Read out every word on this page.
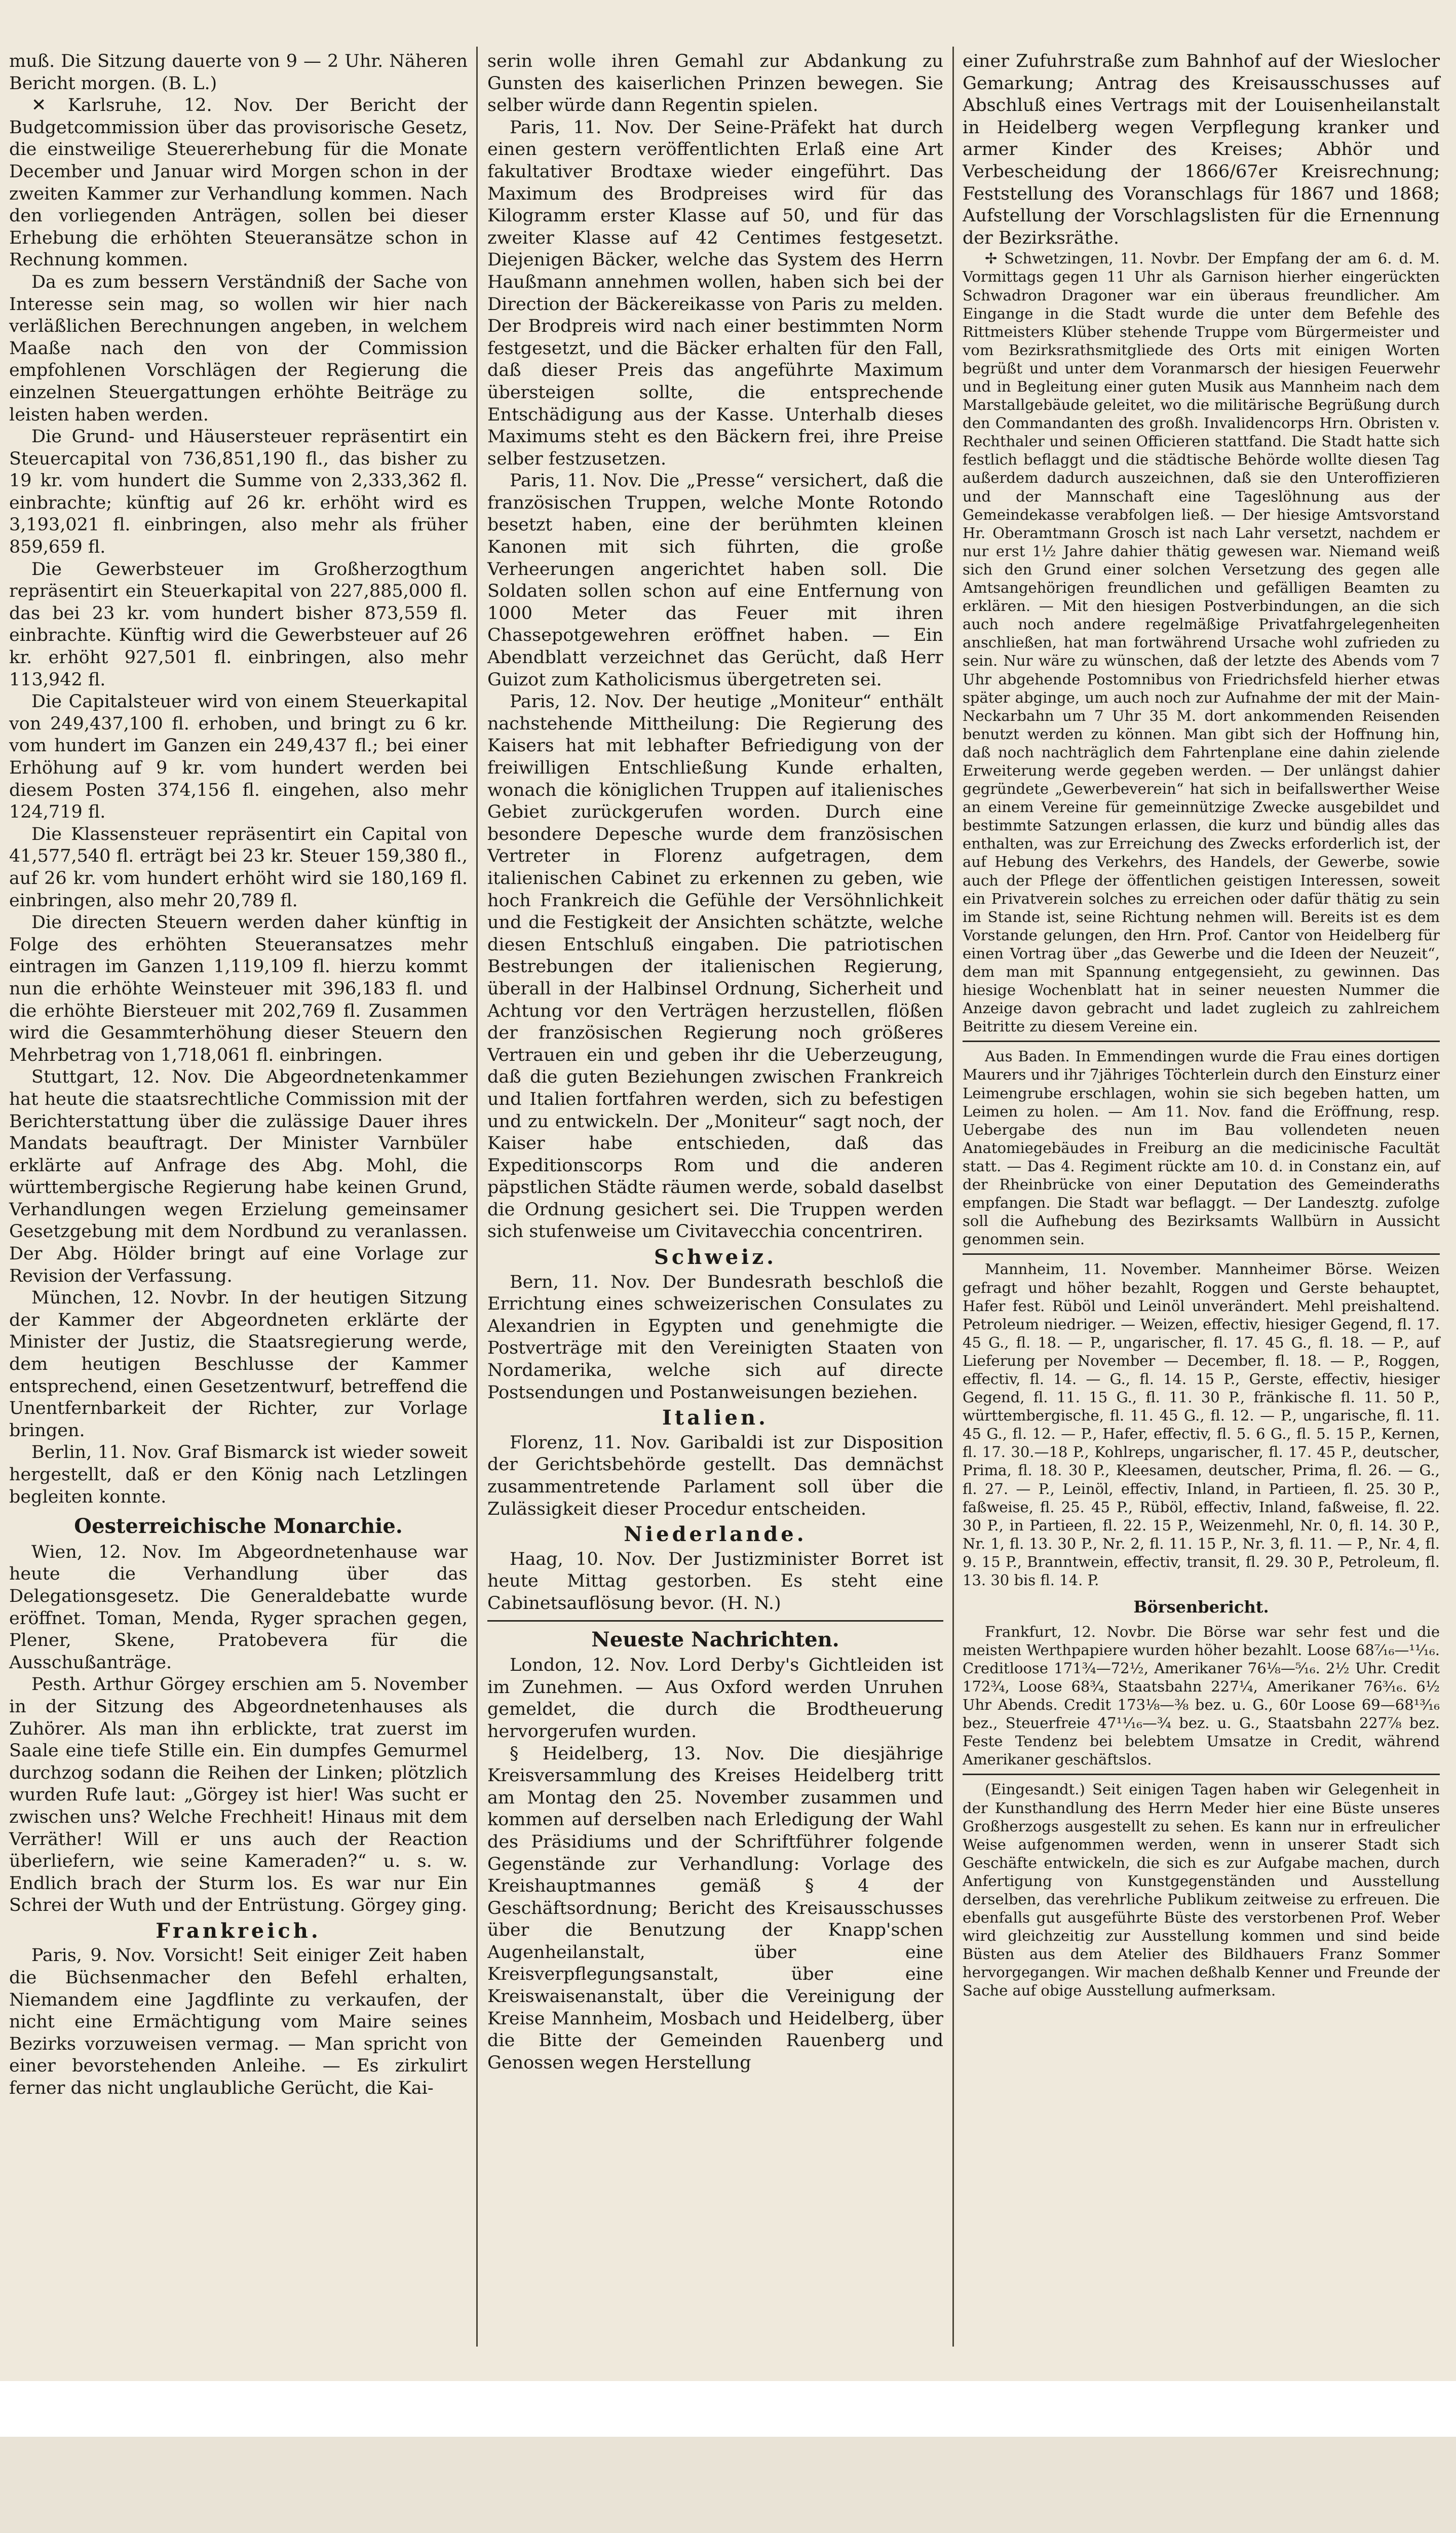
muß. Die Sitzung dauerte von 9 — 2 Uhr. Näheren Bericht morgen. (B. L.)

✕ Karlsruhe, 12. Nov. Der Bericht der Budgetcommission über das provisorische Gesetz, die einstweilige Steuererhebung für die Monate December und Januar wird Morgen schon in der zweiten Kammer zur Verhandlung kommen. Nach den vorliegenden Anträgen, sollen bei dieser Erhebung die erhöhten Steueransätze schon in Rechnung kommen.

Da es zum bessern Verständniß der Sache von Interesse sein mag, so wollen wir hier nach verläßlichen Berechnungen angeben, in welchem Maaße nach den von der Commission empfohlenen Vorschlägen der Regierung die einzelnen Steuergattungen erhöhte Beiträge zu leisten haben werden.

Die Grund- und Häusersteuer repräsentirt ein Steuercapital von 736,851,190 fl., das bisher zu 19 kr. vom hundert die Summe von 2,333,362 fl. einbrachte; künftig auf 26 kr. erhöht wird es 3,193,021 fl. einbringen, also mehr als früher 859,659 fl.

Die Gewerbsteuer im Großherzogthum repräsentirt ein Steuerkapital von 227,885,000 fl. das bei 23 kr. vom hundert bisher 873,559 fl. einbrachte. Künftig wird die Gewerbsteuer auf 26 kr. erhöht 927,501 fl. einbringen, also mehr 113,942 fl.

Die Capitalsteuer wird von einem Steuerkapital von 249,437,100 fl. erhoben, und bringt zu 6 kr. vom hundert im Ganzen ein 249,437 fl.; bei einer Erhöhung auf 9 kr. vom hundert werden bei diesem Posten 374,156 fl. eingehen, also mehr 124,719 fl.

Die Klassensteuer repräsentirt ein Capital von 41,577,540 fl. erträgt bei 23 kr. Steuer 159,380 fl., auf 26 kr. vom hundert erhöht wird sie 180,169 fl. einbringen, also mehr 20,789 fl.

Die directen Steuern werden daher künftig in Folge des erhöhten Steueransatzes mehr eintragen im Ganzen 1,119,109 fl. hierzu kommt nun die erhöhte Weinsteuer mit 396,183 fl. und die erhöhte Biersteuer mit 202,769 fl. Zusammen wird die Gesammterhöhung dieser Steuern den Mehrbetrag von 1,718,061 fl. einbringen.

Stuttgart, 12. Nov. Die Abgeordnetenkammer hat heute die staatsrechtliche Commission mit der Berichterstattung über die zulässige Dauer ihres Mandats beauftragt. Der Minister Varnbüler erklärte auf Anfrage des Abg. Mohl, die württembergische Regierung habe keinen Grund, Verhandlungen wegen Erzielung gemeinsamer Gesetzgebung mit dem Nordbund zu veranlassen. Der Abg. Hölder bringt auf eine Vorlage zur Revision der Verfassung.

München, 12. Novbr. In der heutigen Sitzung der Kammer der Abgeordneten erklärte der Minister der Justiz, die Staatsregierung werde, dem heutigen Beschlusse der Kammer entsprechend, einen Gesetzentwurf, betreffend die Unentfernbarkeit der Richter, zur Vorlage bringen.

Berlin, 11. Nov. Graf Bismarck ist wieder soweit hergestellt, daß er den König nach Letzlingen begleiten konnte.

Oesterreichische Monarchie.

Wien, 12. Nov. Im Abgeordnetenhause war heute die Verhandlung über das Delegationsgesetz. Die Generaldebatte wurde eröffnet. Toman, Menda, Ryger sprachen gegen, Plener, Skene, Pratobevera für die Ausschußanträge.

Pesth. Arthur Görgey erschien am 5. November in der Sitzung des Abgeordnetenhauses als Zuhörer. Als man ihn erblickte, trat zuerst im Saale eine tiefe Stille ein. Ein dumpfes Gemurmel durchzog sodann die Reihen der Linken; plötzlich wurden Rufe laut: „Görgey ist hier! Was sucht er zwischen uns? Welche Frechheit! Hinaus mit dem Verräther! Will er uns auch der Reaction überliefern, wie seine Kameraden?“ u. s. w. Endlich brach der Sturm los. Es war nur Ein Schrei der Wuth und der Entrüstung. Görgey ging.

Frankreich.

Paris, 9. Nov. Vorsicht! Seit einiger Zeit haben die Büchsenmacher den Befehl erhalten, Niemandem eine Jagdflinte zu verkaufen, der nicht eine Ermächtigung vom Maire seines Bezirks vorzuweisen vermag. — Man spricht von einer bevorstehenden Anleihe. — Es zirkulirt ferner das nicht unglaubliche Gerücht, die Kai-

serin wolle ihren Gemahl zur Abdankung zu Gunsten des kaiserlichen Prinzen bewegen. Sie selber würde dann Regentin spielen.

Paris, 11. Nov. Der Seine-Präfekt hat durch einen gestern veröffentlichten Erlaß eine Art fakultativer Brodtaxe wieder eingeführt. Das Maximum des Brodpreises wird für das Kilogramm erster Klasse auf 50, und für das zweiter Klasse auf 42 Centimes festgesetzt. Diejenigen Bäcker, welche das System des Herrn Haußmann annehmen wollen, haben sich bei der Direction der Bäckereikasse von Paris zu melden. Der Brodpreis wird nach einer bestimmten Norm festgesetzt, und die Bäcker erhalten für den Fall, daß dieser Preis das angeführte Maximum übersteigen sollte, die entsprechende Entschädigung aus der Kasse. Unterhalb dieses Maximums steht es den Bäckern frei, ihre Preise selber festzusetzen.

Paris, 11. Nov. Die „Presse“ versichert, daß die französischen Truppen, welche Monte Rotondo besetzt haben, eine der berühmten kleinen Kanonen mit sich führten, die große Verheerungen angerichtet haben soll. Die Soldaten sollen schon auf eine Entfernung von 1000 Meter das Feuer mit ihren Chassepotgewehren eröffnet haben. — Ein Abendblatt verzeichnet das Gerücht, daß Herr Guizot zum Katholicismus übergetreten sei.

Paris, 12. Nov. Der heutige „Moniteur“ enthält nachstehende Mittheilung: Die Regierung des Kaisers hat mit lebhafter Befriedigung von der freiwilligen Entschließung Kunde erhalten, wonach die königlichen Truppen auf italienisches Gebiet zurückgerufen worden. Durch eine besondere Depesche wurde dem französischen Vertreter in Florenz aufgetragen, dem italienischen Cabinet zu erkennen zu geben, wie hoch Frankreich die Gefühle der Versöhnlichkeit und die Festigkeit der Ansichten schätzte, welche diesen Entschluß eingaben. Die patriotischen Bestrebungen der italienischen Regierung, überall in der Halbinsel Ordnung, Sicherheit und Achtung vor den Verträgen herzustellen, flößen der französischen Regierung noch größeres Vertrauen ein und geben ihr die Ueberzeugung, daß die guten Beziehungen zwischen Frankreich und Italien fortfahren werden, sich zu befestigen und zu entwickeln. Der „Moniteur“ sagt noch, der Kaiser habe entschieden, daß das Expeditionscorps Rom und die anderen päpstlichen Städte räumen werde, sobald daselbst die Ordnung gesichert sei. Die Truppen werden sich stufenweise um Civitavecchia concentriren.

Schweiz.

Bern, 11. Nov. Der Bundesrath beschloß die Errichtung eines schweizerischen Consulates zu Alexandrien in Egypten und genehmigte die Postverträge mit den Vereinigten Staaten von Nordamerika, welche sich auf directe Postsendungen und Postanweisungen beziehen.

Italien.

Florenz, 11. Nov. Garibaldi ist zur Disposition der Gerichtsbehörde gestellt. Das demnächst zusammentretende Parlament soll über die Zulässigkeit dieser Procedur entscheiden.

Niederlande.

Haag, 10. Nov. Der Justizminister Borret ist heute Mittag gestorben. Es steht eine Cabinetsauflösung bevor. (H. N.)

Neueste Nachrichten.

London, 12. Nov. Lord Derby's Gichtleiden ist im Zunehmen. — Aus Oxford werden Unruhen gemeldet, die durch die Brodtheuerung hervorgerufen wurden.

§ Heidelberg, 13. Nov. Die diesjährige Kreisversammlung des Kreises Heidelberg tritt am Montag den 25. November zusammen und kommen auf derselben nach Erledigung der Wahl des Präsidiums und der Schriftführer folgende Gegenstände zur Verhandlung: Vorlage des Kreishauptmannes gemäß § 4 der Geschäftsordnung; Bericht des Kreisausschusses über die Benutzung der Knapp'schen Augenheilanstalt, über eine Kreisverpflegungsanstalt, über eine Kreiswaisenanstalt, über die Vereinigung der Kreise Mannheim, Mosbach und Heidelberg, über die Bitte der Gemeinden Rauenberg und Genossen wegen Herstellung

einer Zufuhrstraße zum Bahnhof auf der Wieslocher Gemarkung; Antrag des Kreisausschusses auf Abschluß eines Vertrags mit der Louisenheilanstalt in Heidelberg wegen Verpflegung kranker und armer Kinder des Kreises; Abhör und Verbescheidung der 1866/67er Kreisrechnung; Feststellung des Voranschlags für 1867 und 1868; Aufstellung der Vorschlagslisten für die Ernennung der Bezirksräthe.

✢ Schwetzingen, 11. Novbr. Der Empfang der am 6. d. M. Vormittags gegen 11 Uhr als Garnison hierher eingerückten Schwadron Dragoner war ein überaus freundlicher. Am Eingange in die Stadt wurde die unter dem Befehle des Rittmeisters Klüber stehende Truppe vom Bürgermeister und vom Bezirksrathsmitgliede des Orts mit einigen Worten begrüßt und unter dem Voranmarsch der hiesigen Feuerwehr und in Begleitung einer guten Musik aus Mannheim nach dem Marstallgebäude geleitet, wo die militärische Begrüßung durch den Commandanten des großh. Invalidencorps Hrn. Obristen v. Rechthaler und seinen Officieren stattfand. Die Stadt hatte sich festlich beflaggt und die städtische Behörde wollte diesen Tag außerdem dadurch auszeichnen, daß sie den Unteroffizieren und der Mannschaft eine Tageslöhnung aus der Gemeindekasse verabfolgen ließ. — Der hiesige Amtsvorstand Hr. Oberamtmann Grosch ist nach Lahr versetzt, nachdem er nur erst 1½ Jahre dahier thätig gewesen war. Niemand weiß sich den Grund einer solchen Versetzung des gegen alle Amtsangehörigen freundlichen und gefälligen Beamten zu erklären. — Mit den hiesigen Postverbindungen, an die sich auch noch andere regelmäßige Privatfahrgelegenheiten anschließen, hat man fortwährend Ursache wohl zufrieden zu sein. Nur wäre zu wünschen, daß der letzte des Abends vom 7 Uhr abgehende Postomnibus von Friedrichsfeld hierher etwas später abginge, um auch noch zur Aufnahme der mit der Main-Neckarbahn um 7 Uhr 35 M. dort ankommenden Reisenden benutzt werden zu können. Man gibt sich der Hoffnung hin, daß noch nachträglich dem Fahrtenplane eine dahin zielende Erweiterung werde gegeben werden. — Der unlängst dahier gegründete „Gewerbeverein“ hat sich in beifallswerther Weise an einem Vereine für gemeinnützige Zwecke ausgebildet und bestimmte Satzungen erlassen, die kurz und bündig alles das enthalten, was zur Erreichung des Zwecks erforderlich ist, der auf Hebung des Verkehrs, des Handels, der Gewerbe, sowie auch der Pflege der öffentlichen geistigen Interessen, soweit ein Privatverein solches zu erreichen oder dafür thätig zu sein im Stande ist, seine Richtung nehmen will. Bereits ist es dem Vorstande gelungen, den Hrn. Prof. Cantor von Heidelberg für einen Vortrag über „das Gewerbe und die Ideen der Neuzeit“, dem man mit Spannung entgegensieht, zu gewinnen. Das hiesige Wochenblatt hat in seiner neuesten Nummer die Anzeige davon gebracht und ladet zugleich zu zahlreichem Beitritte zu diesem Vereine ein.

Aus Baden. In Emmendingen wurde die Frau eines dortigen Maurers und ihr 7jähriges Töchterlein durch den Einsturz einer Leimengrube erschlagen, wohin sie sich begeben hatten, um Leimen zu holen. — Am 11. Nov. fand die Eröffnung, resp. Uebergabe des nun im Bau vollendeten neuen Anatomiegebäudes in Freiburg an die medicinische Facultät statt. — Das 4. Regiment rückte am 10. d. in Constanz ein, auf der Rheinbrücke von einer Deputation des Gemeinderaths empfangen. Die Stadt war beflaggt. — Der Landesztg. zufolge soll die Aufhebung des Bezirksamts Wallbürn in Aussicht genommen sein.

Mannheim, 11. November. Mannheimer Börse. Weizen gefragt und höher bezahlt, Roggen und Gerste behauptet, Hafer fest. Rüböl und Leinöl unverändert. Mehl preishaltend. Petroleum niedriger. — Weizen, effectiv, hiesiger Gegend, fl. 17. 45 G., fl. 18. — P., ungarischer, fl. 17. 45 G., fl. 18. — P., auf Lieferung per November — December, fl. 18. — P., Roggen, effectiv, fl. 14. — G., fl. 14. 15 P., Gerste, effectiv, hiesiger Gegend, fl. 11. 15 G., fl. 11. 30 P., fränkische fl. 11. 50 P., württembergische, fl. 11. 45 G., fl. 12. — P., ungarische, fl. 11. 45 G., fl. 12. — P., Hafer, effectiv, fl. 5. 6 G., fl. 5. 15 P., Kernen, fl. 17. 30.—18 P., Kohlreps, ungarischer, fl. 17. 45 P., deutscher, Prima, fl. 18. 30 P., Kleesamen, deutscher, Prima, fl. 26. — G., fl. 27. — P., Leinöl, effectiv, Inland, in Partieen, fl. 25. 30 P., faßweise, fl. 25. 45 P., Rüböl, effectiv, Inland, faßweise, fl. 22. 30 P., in Partieen, fl. 22. 15 P., Weizenmehl, Nr. 0, fl. 14. 30 P., Nr. 1, fl. 13. 30 P., Nr. 2, fl. 11. 15 P., Nr. 3, fl. 11. — P., Nr. 4, fl. 9. 15 P., Branntwein, effectiv, transit, fl. 29. 30 P., Petroleum, fl. 13. 30 bis fl. 14. P.

Börsenbericht.

Frankfurt, 12. Novbr. Die Börse war sehr fest und die meisten Werthpapiere wurden höher bezahlt. Loose 68⁷⁄₁₆—¹¹⁄₁₆. Creditloose 171¾—72½, Amerikaner 76⅛—⁵⁄₁₆. 2½ Uhr. Credit 172¾, Loose 68¾, Staatsbahn 227¼, Amerikaner 76³⁄₁₆. 6½ Uhr Abends. Credit 173⅛—⅜ bez. u. G., 60r Loose 69—68¹³⁄₁₆ bez., Steuerfreie 47¹¹⁄₁₆—¾ bez. u. G., Staatsbahn 227⅞ bez. Feste Tendenz bei belebtem Umsatze in Credit, während Amerikaner geschäftslos.

(Eingesandt.) Seit einigen Tagen haben wir Gelegenheit in der Kunsthandlung des Herrn Meder hier eine Büste unseres Großherzogs ausgestellt zu sehen. Es kann nur in erfreulicher Weise aufgenommen werden, wenn in unserer Stadt sich Geschäfte entwickeln, die sich es zur Aufgabe machen, durch Anfertigung von Kunstgegenständen und Ausstellung derselben, das verehrliche Publikum zeitweise zu erfreuen. Die ebenfalls gut ausgeführte Büste des verstorbenen Prof. Weber wird gleichzeitig zur Ausstellung kommen und sind beide Büsten aus dem Atelier des Bildhauers Franz Sommer hervorgegangen. Wir machen deßhalb Kenner und Freunde der Sache auf obige Ausstellung aufmerksam.
